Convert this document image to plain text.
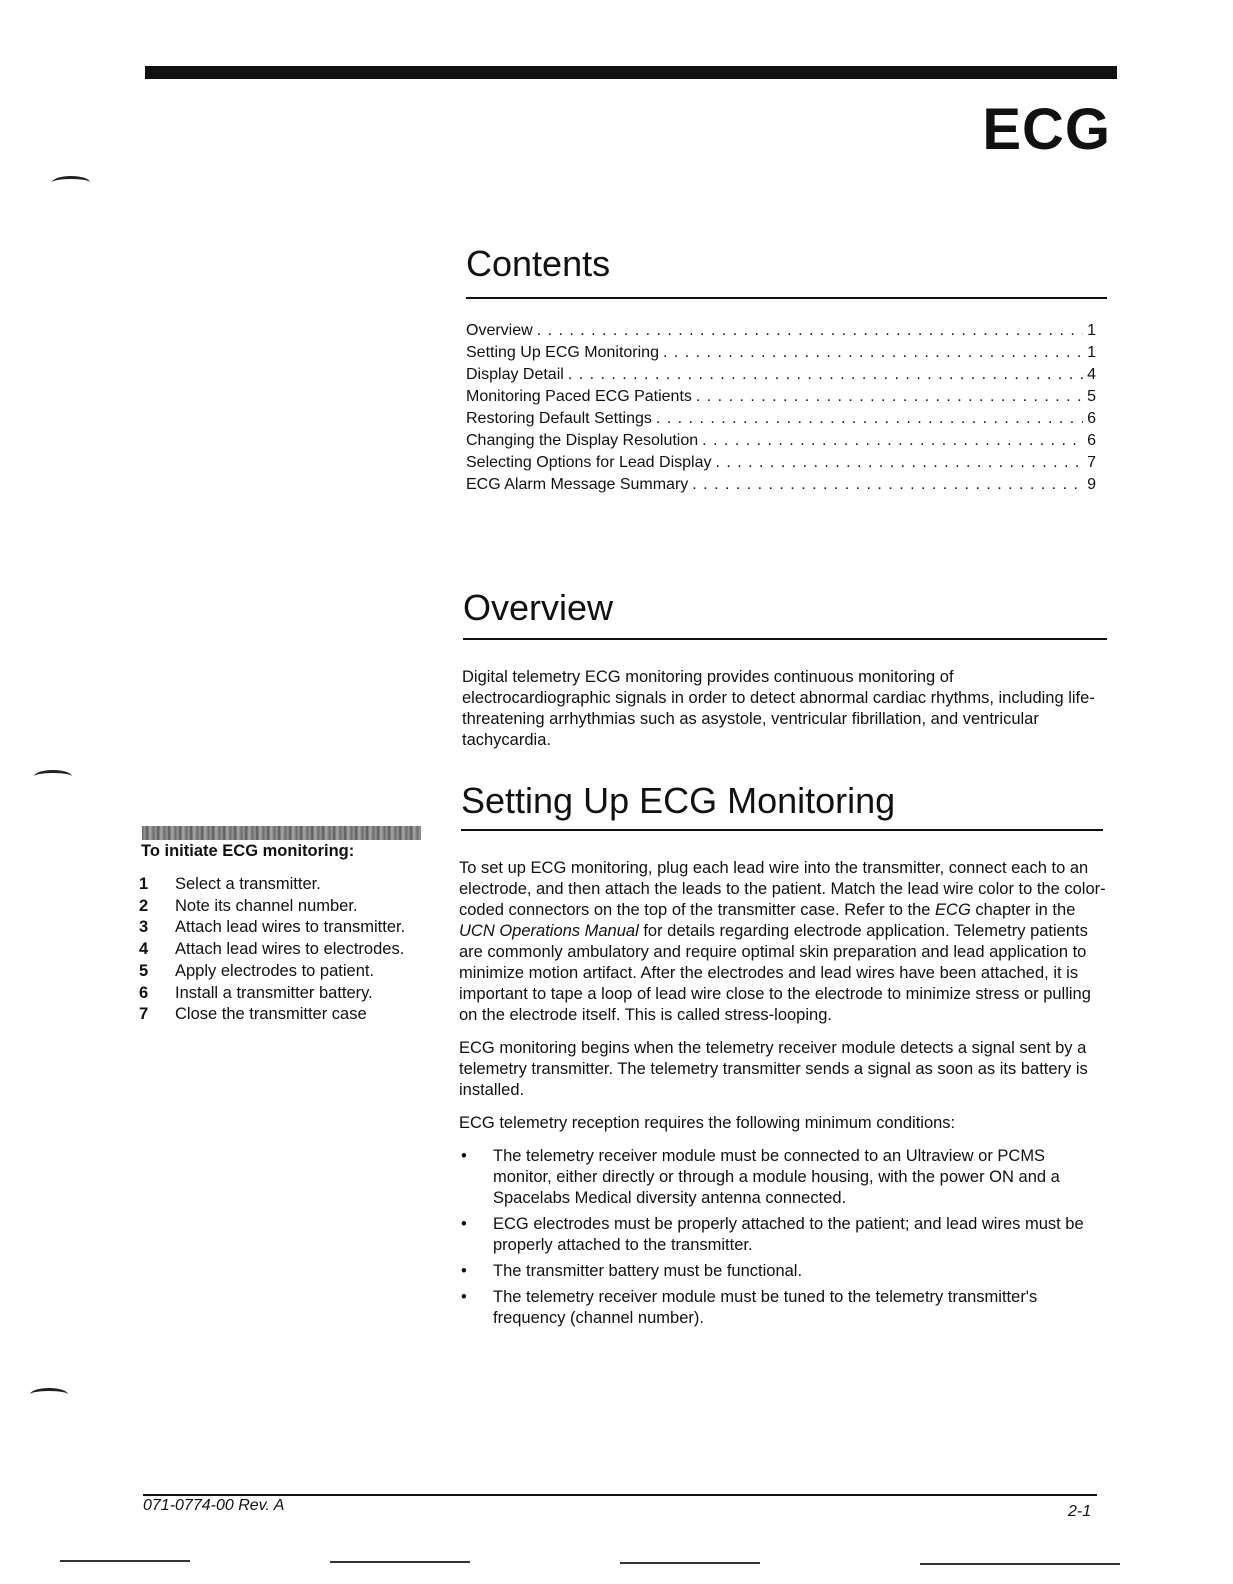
ECG
Contents
Overview . . .	1
Setting Up ECG Monitoring . . .	1
Display Detail . . .	4
Monitoring Paced ECG Patients . . .	5
Restoring Default Settings . . .	6
Changing the Display Resolution . . .	6
Selecting Options for Lead Display . . .	7
ECG Alarm Message Summary . . .	9
Overview

Digital telemetry ECG monitoring provides continuous monitoring of electrocardiographic signals in order to detect abnormal cardiac rhythms, including life-threatening arrhythmias such as asystole, ventricular fibrillation, and ventricular tachycardia.

Setting Up ECG Monitoring

To set up ECG monitoring, plug each lead wire into the transmitter, connect each to an electrode, and then attach the leads to the patient. Match the lead wire color to the color-coded connectors on the top of the transmitter case. Refer to the ECG chapter in the UCN Operations Manual for details regarding electrode application. Telemetry patients are commonly ambulatory and require optimal skin preparation and lead application to minimize motion artifact. After the electrodes and lead wires have been attached, it is important to tape a loop of lead wire close to the electrode to minimize stress or pulling on the electrode itself. This is called stress-looping.

ECG monitoring begins when the telemetry receiver module detects a signal sent by a telemetry transmitter. The telemetry transmitter sends a signal as soon as its battery is installed.

ECG telemetry reception requires the following minimum conditions:

• The telemetry receiver module must be connected to an Ultraview or PCMS monitor, either directly or through a module housing, with the power ON and a Spacelabs Medical diversity antenna connected.
• ECG electrodes must be properly attached to the patient; and lead wires must be properly attached to the transmitter.
• The transmitter battery must be functional.
• The telemetry receiver module must be tuned to the telemetry transmitter's frequency (channel number).
To initiate ECG monitoring:
1	Select a transmitter.
2	Note its channel number.
3	Attach lead wires to transmitter.
4	Attach lead wires to electrodes.
5	Apply electrodes to patient.
6	Install a transmitter battery.
7	Close the transmitter case
071-0774-00 Rev. A	2-1
